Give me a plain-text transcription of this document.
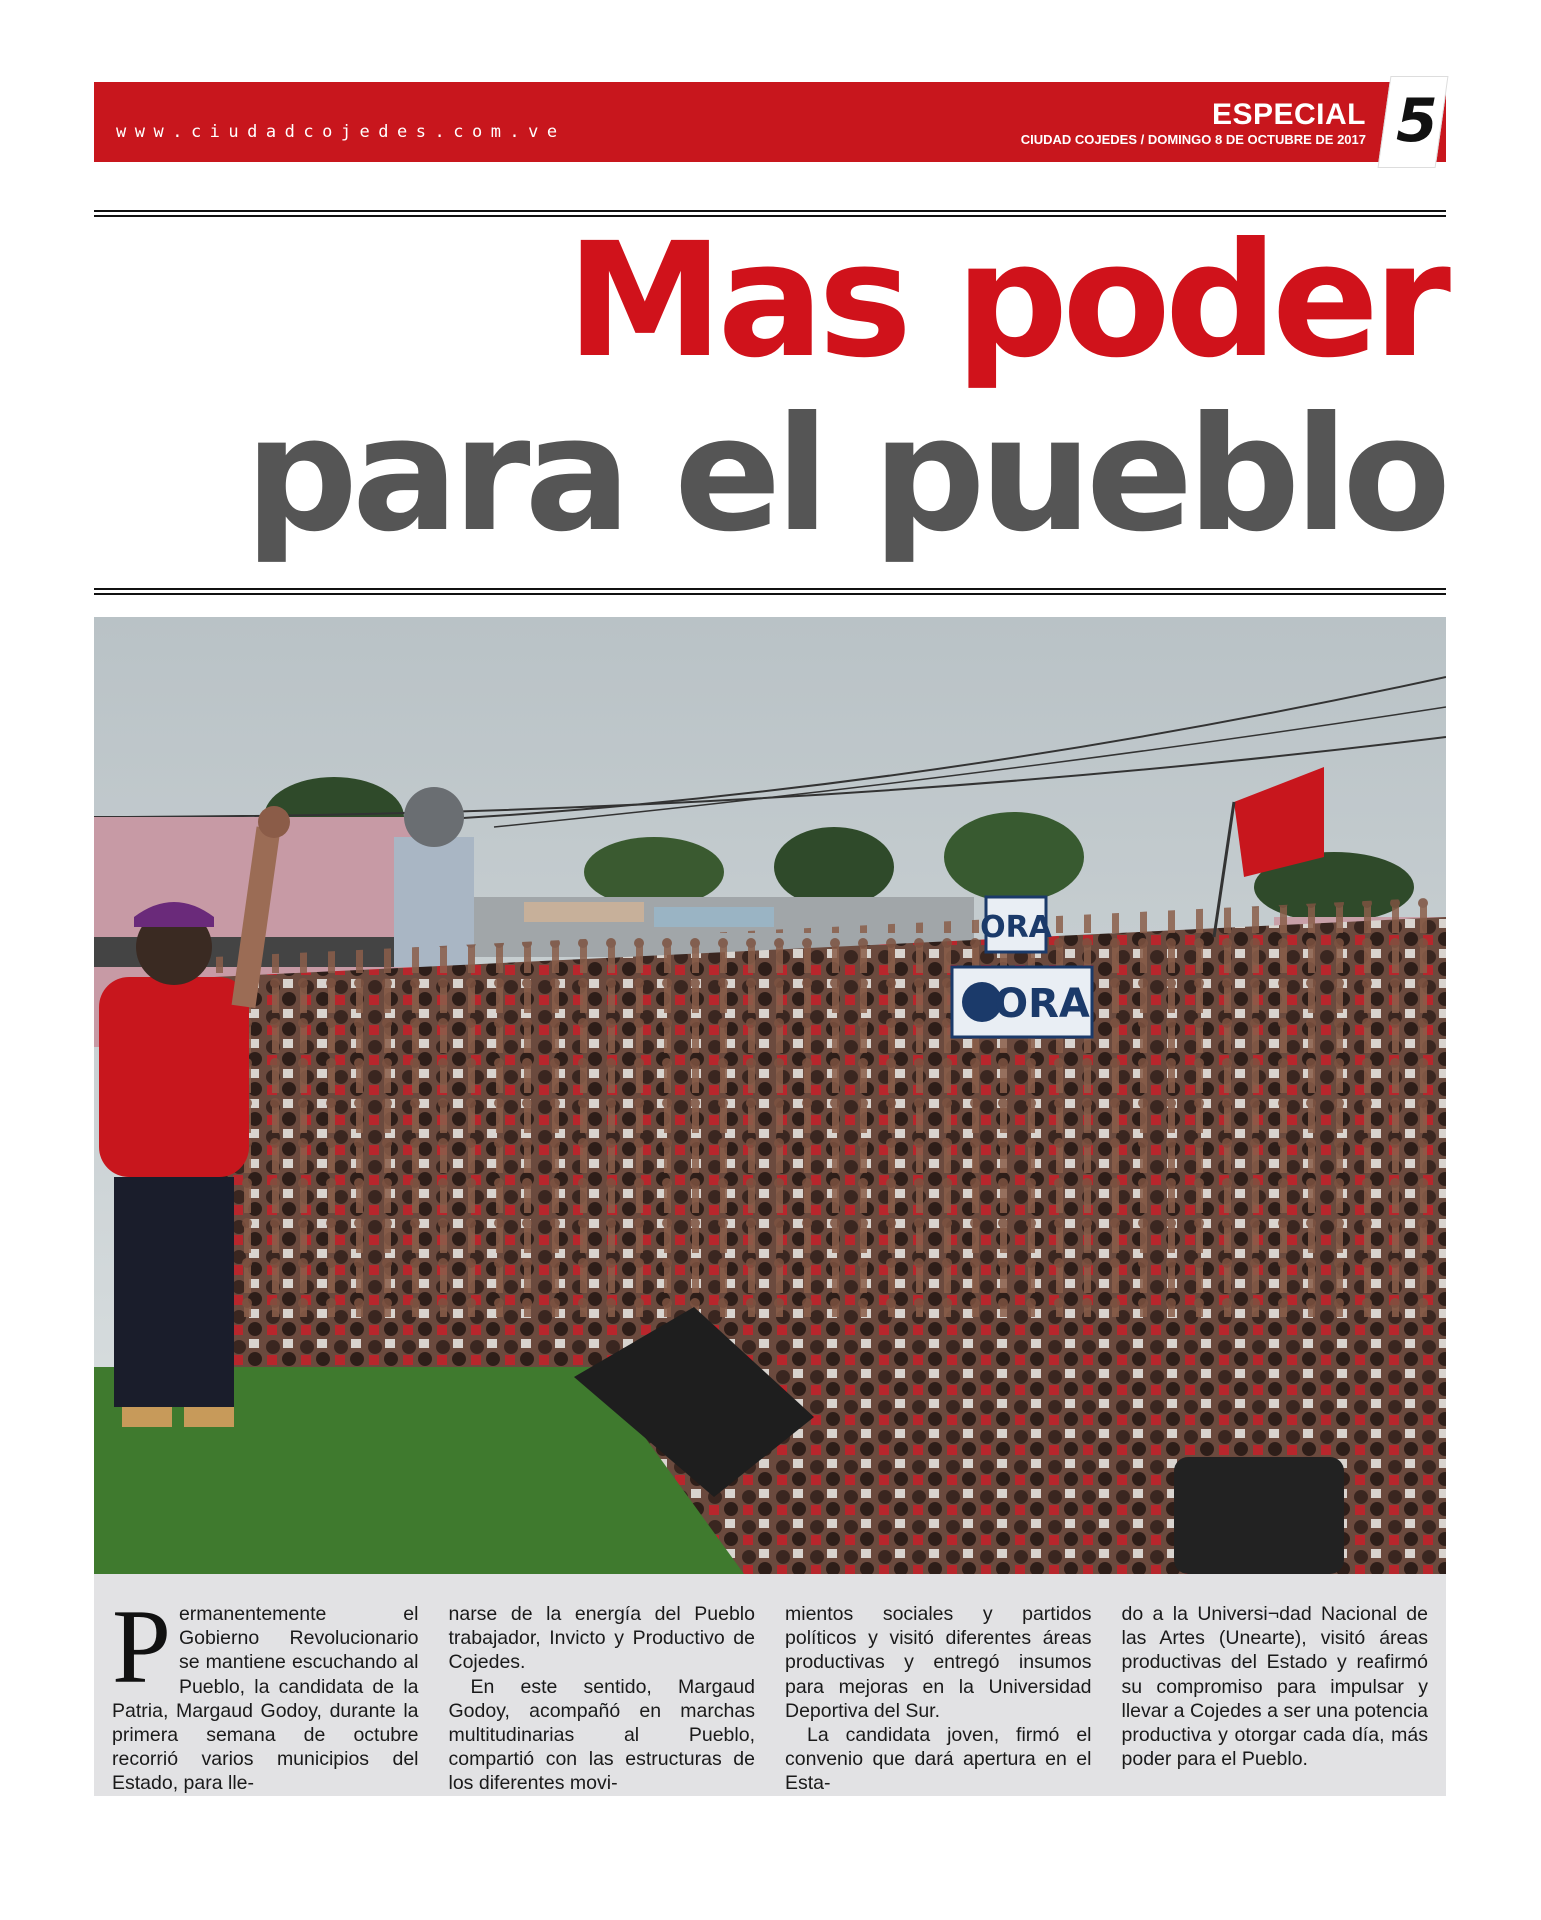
www.ciudadcojedes.com.ve
ESPECIAL
CIUDAD COJEDES / DOMINGO 8 DE OCTUBRE DE 2017 5
Mas poder
para el pueblo
ORA
ORA
P ermanentemente el Gobierno Revolucionario se mantiene escuchando al Pueblo, la candidata de la Patria, Margaud Godoy, durante la primera semana de octubre recorrió varios municipios del Estado, para lle-

narse de la energía del Pueblo trabajador, Invicto y Productivo de Cojedes.

En este sentido, Margaud Godoy, acompañó en marchas multitudinarias al Pueblo, compartió con las estructuras de los diferentes movi-

mientos sociales y partidos políticos y visitó diferentes áreas productivas y entregó insumos para mejoras en la Universidad Deportiva del Sur.

La candidata joven, firmó el convenio que dará apertura en el Esta-

do a la Universi¬dad Nacional de las Artes (Unearte), visitó áreas productivas del Estado y reafirmó su compromiso para impulsar y llevar a Cojedes a ser una potencia productiva y otorgar cada día, más poder para el Pueblo.
